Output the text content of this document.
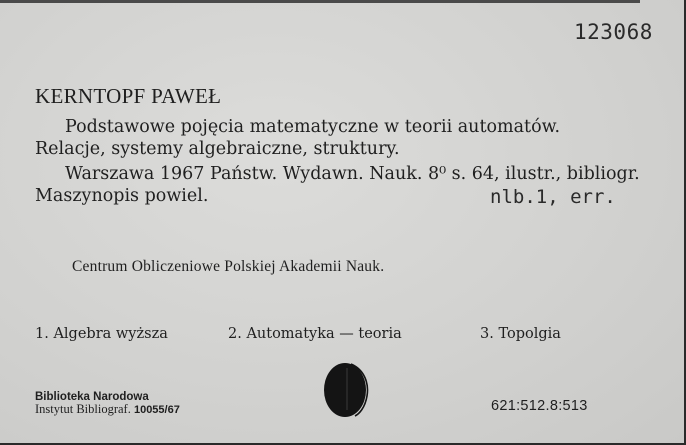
123068
KERNTOPF PAWEŁ
Podstawowe pojęcia matematyczne w teorii automatów. Relacje, systemy algebraiczne, struktury.
Warszawa 1967 Państw. Wydawn. Nauk. 8⁰ s. 64, ilustr., bibliogr. Maszynopis powiel.	nlb.1, err.
Centrum Obliczeniowe Polskiej Akademii Nauk.
1. Algebra wyższa	2. Automatyka — teoria	3. Topolgia
Biblioteka Narodowa
Instytut Bibliograf. 10055/67	621:512.8:513
